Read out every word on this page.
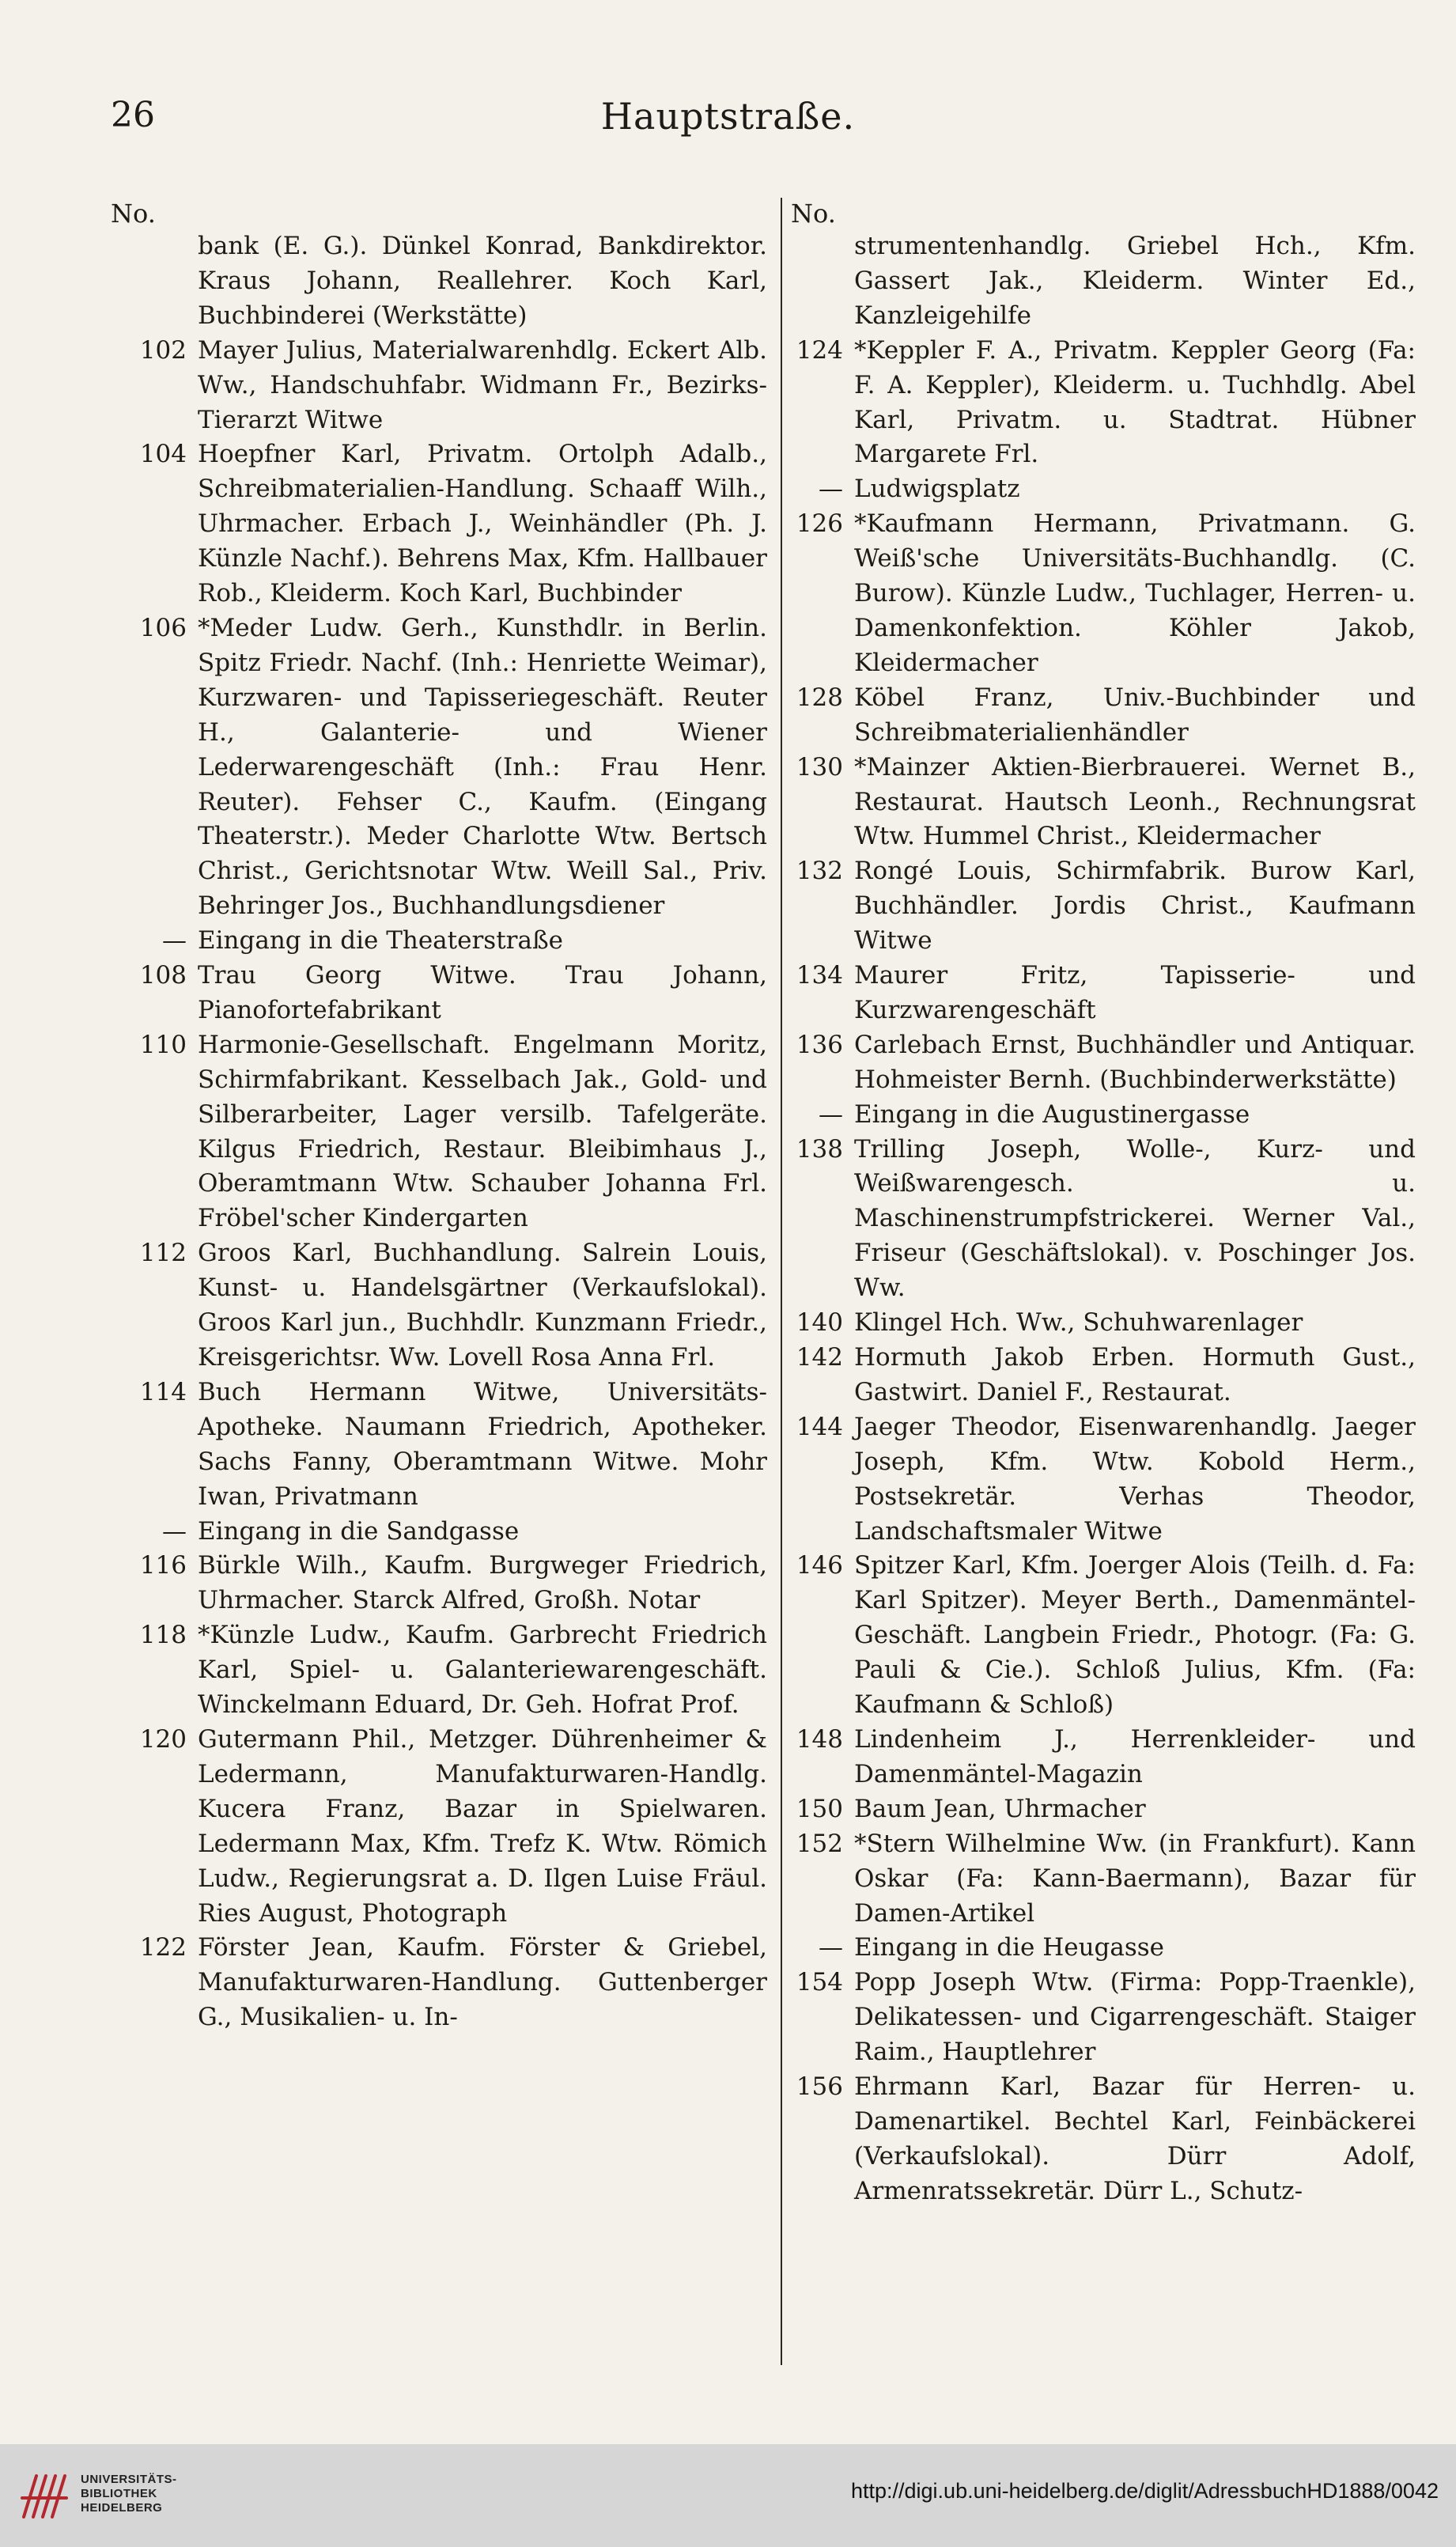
26	Hauptstraße.
No.
bank (E. G.). Dünkel Konrad, Bankdirektor. Kraus Johann, Reallehrer. Koch Karl, Buchbinderei (Werkstätte)
102 Mayer Julius, Materialwarenhdlg. Eckert Alb. Ww., Handschuhfabr. Widmann Fr., Bezirks-Tierarzt Witwe
104 Hoepfner Karl, Privatm. Ortolph Adalb., Schreibmaterialien-Handlung. Schaaff Wilh., Uhrmacher. Erbach J., Weinhändler (Ph. J. Künzle Nachf.). Behrens Max, Kfm. Hallbauer Rob., Kleiderm. Koch Karl, Buchbinder
106 *Meder Ludw. Gerh., Kunsthdlr. in Berlin. Spitz Friedr. Nachf. (Inh.: Henriette Weimar), Kurzwaren- und Tapisseriegeschäft. Reuter H., Galanterie- und Wiener Lederwarengeschäft (Inh.: Frau Henr. Reuter). Fehser C., Kaufm. (Eingang Theaterstr.). Meder Charlotte Wtw. Bertsch Christ., Gerichtsnotar Wtw. Weill Sal., Priv. Behringer Jos., Buchhandlungsdiener
— Eingang in die Theaterstraße
108 Trau Georg Witwe. Trau Johann, Pianofortefabrikant
110 Harmonie-Gesellschaft. Engelmann Moritz, Schirmfabrikant. Kesselbach Jak., Gold- und Silberarbeiter, Lager versilb. Tafelgeräte. Kilgus Friedrich, Restaur. Bleibimhaus J., Oberamtmann Wtw. Schauber Johanna Frl. Fröbel'scher Kindergarten
112 Groos Karl, Buchhandlung. Salrein Louis, Kunst- u. Handelsgärtner (Verkaufslokal). Groos Karl jun., Buchhdlr. Kunzmann Friedr., Kreisgerichtsr. Ww. Lovell Rosa Anna Frl.
114 Buch Hermann Witwe, Universitäts-Apotheke. Naumann Friedrich, Apotheker. Sachs Fanny, Oberamtmann Witwe. Mohr Iwan, Privatmann
— Eingang in die Sandgasse
116 Bürkle Wilh., Kaufm. Burgweger Friedrich, Uhrmacher. Starck Alfred, Großh. Notar
118 *Künzle Ludw., Kaufm. Garbrecht Friedrich Karl, Spiel- u. Galanteriewarengeschäft. Winckelmann Eduard, Dr. Geh. Hofrat Prof.
120 Gutermann Phil., Metzger. Dührenheimer & Ledermann, Manufakturwaren-Handlg. Kucera Franz, Bazar in Spielwaren. Ledermann Max, Kfm. Trefz K. Wtw. Römich Ludw., Regierungsrat a. D. Ilgen Luise Fräul. Ries August, Photograph
122 Förster Jean, Kaufm. Förster & Griebel, Manufakturwaren-Handlung. Guttenberger G., Musikalien- u. In-
No.
strumentenhandlg. Griebel Hch., Kfm. Gassert Jak., Kleiderm. Winter Ed., Kanzleigehilfe
124 *Keppler F. A., Privatm. Keppler Georg (Fa: F. A. Keppler), Kleiderm. u. Tuchhdlg. Abel Karl, Privatm. u. Stadtrat. Hübner Margarete Frl.
— Ludwigsplatz
126 *Kaufmann Hermann, Privatmann. G. Weiß'sche Universitäts-Buchhandlg. (C. Burow). Künzle Ludw., Tuchlager, Herren- u. Damenkonfektion. Köhler Jakob, Kleidermacher
128 Köbel Franz, Univ.-Buchbinder und Schreibmaterialienhändler
130 *Mainzer Aktien-Bierbrauerei. Wernet B., Restaurat. Hautsch Leonh., Rechnungsrat Wtw. Hummel Christ., Kleidermacher
132 Rongé Louis, Schirmfabrik. Burow Karl, Buchhändler. Jordis Christ., Kaufmann Witwe
134 Maurer Fritz, Tapisserie- und Kurzwarengeschäft
136 Carlebach Ernst, Buchhändler und Antiquar. Hohmeister Bernh. (Buchbinderwerkstätte)
— Eingang in die Augustinergasse
138 Trilling Joseph, Wolle-, Kurz- und Weißwarengesch. u. Maschinenstrumpfstrickerei. Werner Val., Friseur (Geschäftslokal). v. Poschinger Jos. Ww.
140 Klingel Hch. Ww., Schuhwarenlager
142 Hormuth Jakob Erben. Hormuth Gust., Gastwirt. Daniel F., Restaurat.
144 Jaeger Theodor, Eisenwarenhandlg. Jaeger Joseph, Kfm. Wtw. Kobold Herm., Postsekretär. Verhas Theodor, Landschaftsmaler Witwe
146 Spitzer Karl, Kfm. Joerger Alois (Teilh. d. Fa: Karl Spitzer). Meyer Berth., Damenmäntel-Geschäft. Langbein Friedr., Photogr. (Fa: G. Pauli & Cie.). Schloß Julius, Kfm. (Fa: Kaufmann & Schloß)
148 Lindenheim J., Herrenkleider- und Damenmäntel-Magazin
150 Baum Jean, Uhrmacher
152 *Stern Wilhelmine Ww. (in Frankfurt). Kann Oskar (Fa: Kann-Baermann), Bazar für Damen-Artikel
— Eingang in die Heugasse
154 Popp Joseph Wtw. (Firma: Popp-Traenkle), Delikatessen- und Cigarrengeschäft. Staiger Raim., Hauptlehrer
156 Ehrmann Karl, Bazar für Herren- u. Damenartikel. Bechtel Karl, Feinbäckerei (Verkaufslokal). Dürr Adolf, Armenratssekretär. Dürr L., Schutz-
UNIVERSITÄTS-
BIBLIOTHEK
HEIDELBERG
http://digi.ub.uni-heidelberg.de/diglit/AdressbuchHD1888/0042
